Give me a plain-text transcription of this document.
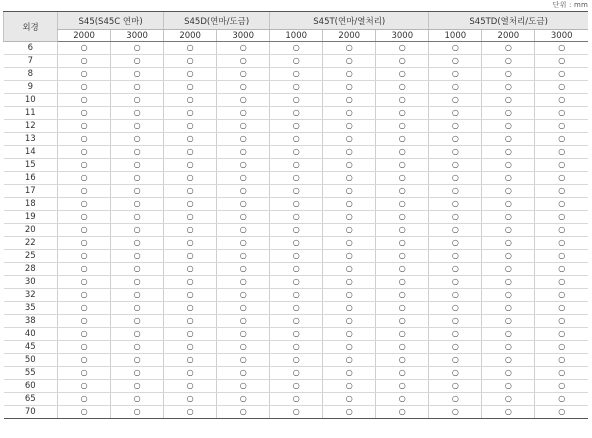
단위 : mm
외경	S45(S45C 연마)		S45D(연마/도금)		S45T(연마/열처리)			S45TD(열처리/도금)		
	2000	3000	2000	3000	1000	2000	3000	1000	2000	3000
6	○	○	○	○	○	○	○	○	○	○
7	○	○	○	○	○	○	○	○	○	○
8	○	○	○	○	○	○	○	○	○	○
9	○	○	○	○	○	○	○	○	○	○
10	○	○	○	○	○	○	○	○	○	○
11	○	○	○	○	○	○	○	○	○	○
12	○	○	○	○	○	○	○	○	○	○
13	○	○	○	○	○	○	○	○	○	○
14	○	○	○	○	○	○	○	○	○	○
15	○	○	○	○	○	○	○	○	○	○
16	○	○	○	○	○	○	○	○	○	○
17	○	○	○	○	○	○	○	○	○	○
18	○	○	○	○	○	○	○	○	○	○
19	○	○	○	○	○	○	○	○	○	○
20	○	○	○	○	○	○	○	○	○	○
22	○	○	○	○	○	○	○	○	○	○
25	○	○	○	○	○	○	○	○	○	○
28	○	○	○	○	○	○	○	○	○	○
30	○	○	○	○	○	○	○	○	○	○
32	○	○	○	○	○	○	○	○	○	○
35	○	○	○	○	○	○	○	○	○	○
38	○	○	○	○	○	○	○	○	○	○
40	○	○	○	○	○	○	○	○	○	○
45	○	○	○	○	○	○	○	○	○	○
50	○	○	○	○	○	○	○	○	○	○
55	○	○	○	○	○	○	○	○	○	○
60	○	○	○	○	○	○	○	○	○	○
65	○	○	○	○	○	○	○	○	○	○
70	○	○	○	○	○	○	○	○	○	○
